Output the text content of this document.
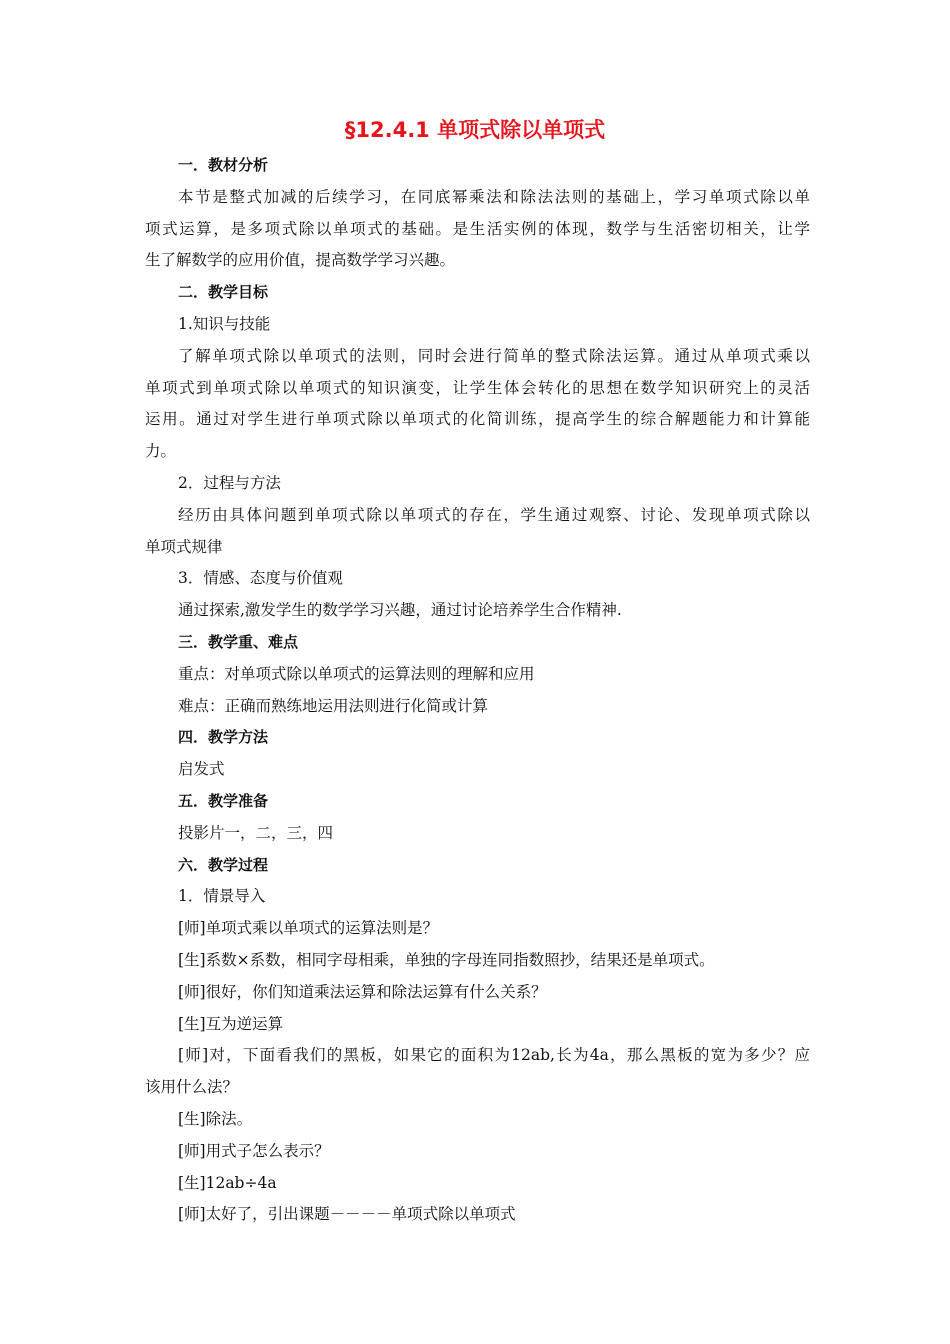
§12.4.1 单项式除以单项式
一．教材分析
本节是整式加减的后续学习，在同底幂乘法和除法法则的基础上，学习单项式除以单
项式运算，是多项式除以单项式的基础。是生活实例的体现，数学与生活密切相关，让学
生了解数学的应用价值，提高数学学习兴趣。
二．教学目标
1.知识与技能
了解单项式除以单项式的法则，同时会进行简单的整式除法运算。通过从单项式乘以
单项式到单项式除以单项式的知识演变，让学生体会转化的思想在数学知识研究上的灵活
运用。通过对学生进行单项式除以单项式的化简训练，提高学生的综合解题能力和计算能
力。
2．过程与方法
经历由具体问题到单项式除以单项式的存在，学生通过观察、讨论、发现单项式除以
单项式规律
3．情感、态度与价值观
通过探索,激发学生的数学学习兴趣，通过讨论培养学生合作精神.
三．教学重、难点
重点：对单项式除以单项式的运算法则的理解和应用
难点：正确而熟练地运用法则进行化简或计算
四．教学方法
启发式
五．教学准备
投影片一，二，三，四
六．教学过程
1．情景导入
[师]单项式乘以单项式的运算法则是？
[生]系数×系数，相同字母相乘，单独的字母连同指数照抄，结果还是单项式。
[师]很好，你们知道乘法运算和除法运算有什么关系？
[生]互为逆运算
[师]对，下面看我们的黑板，如果它的面积为12ab,长为4a，那么黑板的宽为多少？应
该用什么法？
[生]除法。
[师]用式子怎么表示？
[生]12ab÷4a
[师]太好了，引出课题－－－－单项式除以单项式
